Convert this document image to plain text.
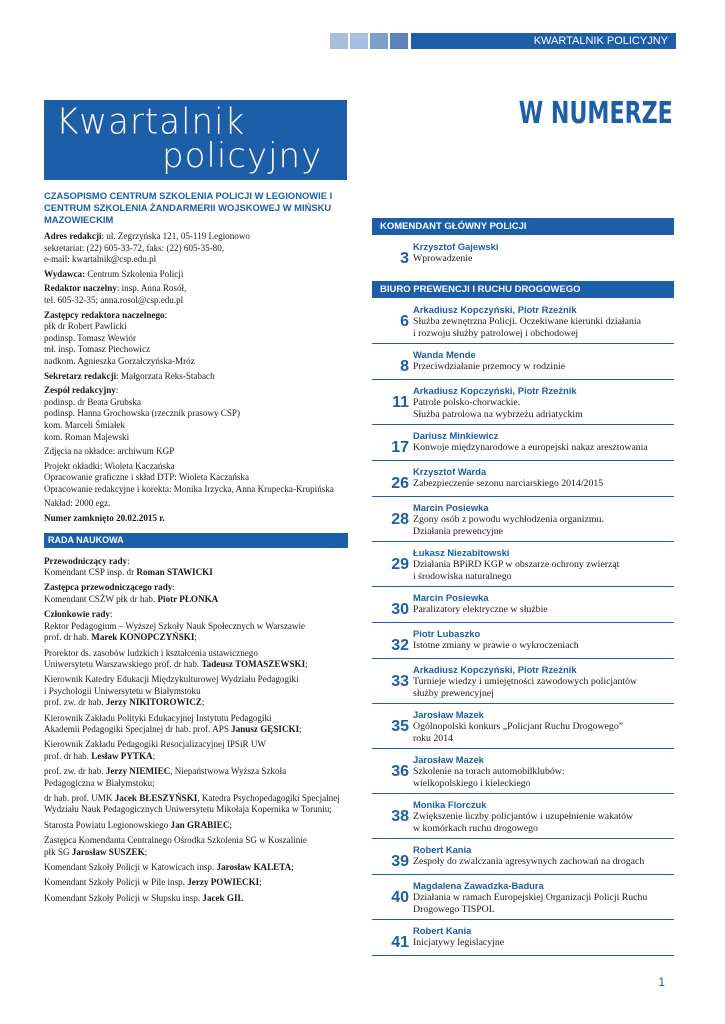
KWARTALNIK POLICYJNY
Kwartalnik
policyjny
W NUMERZE
CZASOPISMO CENTRUM SZKOLENIA POLICJI W LEGIONOWIE I CENTRUM SZKOLENIA ŻANDARMERII WOJSKOWEJ W MIŃSKU MAZOWIECKIM

Adres redakcji: ul. Zegrzyńska 121, 05-119 Legionowo
sekretariat: (22) 605-33-72, faks: (22) 605-35-80,
e-mail: kwartalnik@csp.edu.pl

Wydawca: Centrum Szkolenia Policji

Redaktor naczelny: insp. Anna Rosół,
tel. 605-32-35; anna.rosol@csp.edu.pl

Zastępcy redaktora naczelnego:
płk dr Robert Pawlicki
podinsp. Tomasz Wewiór
mł. insp. Tomasz Piechowicz
nadkom. Agnieszka Gorzałczyńska-Mróz

Sekretarz redakcji: Małgorzata Reks-Stabach

Zespół redakcyjny:
podinsp. dr Beata Grubska
podinsp. Hanna Grochowska (rzecznik prasowy CSP)
kom. Marceli Śmiałek
kom. Roman Majewski

Zdjęcia na okładce: archiwum KGP

Projekt okładki: Wioleta Kaczańska
Opracowanie graficzne i skład DTP: Wioleta Kaczańska
Opracowanie redakcyjne i korekta: Monika Irzycka, Anna Krupecka-Krupińska

Nakład: 2000 egz.

Numer zamknięto 20.02.2015 r.

RADA NAUKOWA

Przewodniczący rady:
Komendant CSP insp. dr Roman STAWICKI

Zastępca przewodniczącego rady:
Komendant CSŻW płk dr hab. Piotr PŁONKA

Członkowie rady:
Rektor Pedagogium – Wyższej Szkoły Nauk Społecznych w Warszawie
prof. dr hab. Marek KONOPCZYŃSKI;

Prorektor ds. zasobów ludzkich i kształcenia ustawicznego
Uniwersytetu Warszawskiego prof. dr hab. Tadeusz TOMASZEWSKI;

Kierownik Katedry Edukacji Międzykulturowej Wydziału Pedagogiki
i Psychologii Uniwersytetu w Białymstoku
prof. zw. dr hab. Jerzy NIKITOROWICZ;

Kierownik Zakładu Polityki Edukacyjnej Instytutu Pedagogiki
Akademii Pedagogiki Specjalnej dr hab. prof. APS Janusz GĘSICKI;

Kierownik Zakładu Pedagogiki Resocjalizacyjnej IPSiR UW
prof. dr hab. Lesław PYTKA;

prof. zw. dr hab. Jerzy NIEMIEC, Niepaństwowa Wyższa Szkoła
Pedagogiczna w Białymstoku;

dr hab. prof. UMK Jacek BŁESZYŃSKI, Katedra Psychopedagogiki Specjalnej
Wydziału Nauk Pedagogicznych Uniwersytetu Mikołaja Kopernika w Toruniu;

Starosta Powiatu Legionowskiego Jan GRABIEC;

Zastępca Komendanta Centralnego Ośrodka Szkolenia SG w Koszalinie
płk SG Jarosław SUSZEK;

Komendant Szkoły Policji w Katowicach insp. Jarosław KALETA;

Komendant Szkoły Policji w Pile insp. Jerzy POWIECKI;

Komendant Szkoły Policji w Słupsku insp. Jacek GIL

KOMENDANT GŁÓWNY POLICJI
3
Krzysztof Gajewski
Wprowadzenie
BIURO PREWENCJI I RUCHU DROGOWEGO
6
Arkadiusz Kopczyński, Piotr Rzeźnik
Służba zewnętrzna Policji. Oczekiwane kierunki działania
i rozwoju służby patrolowej i obchodowej
8
Wanda Mende
Przeciwdziałanie przemocy w rodzinie
11
Arkadiusz Kopczyński, Piotr Rzeźnik
Patrole polsko-chorwackie.
Służba patrolowa na wybrzeżu adriatyckim
17
Dariusz Minkiewicz
Konwoje międzynarodowe a europejski nakaz aresztowania
26
Krzysztof Warda
Zabezpieczenie sezonu narciarskiego 2014/2015
28
Marcin Posiewka
Zgony osób z powodu wychłodzenia organizmu.
Działania prewencyjne
29
Łukasz Niezabitowski
Działania BPiRD KGP w obszarze ochrony zwierząt
i środowiska naturalnego
30
Marcin Posiewka
Paralizatory elektryczne w służbie
32
Piotr Lubaszko
Istotne zmiany w prawie o wykroczeniach
33
Arkadiusz Kopczyński, Piotr Rzeźnik
Turnieje wiedzy i umiejętności zawodowych policjantów
służby prewencyjnej
35
Jarosław Mazek
Ogólnopolski konkurs „Policjant Ruchu Drogowego”
roku 2014
36
Jarosław Mazek
Szkolenie na torach automobilklubów:
wielkopolskiego i kieleckiego
38
Monika Florczuk
Zwiększenie liczby policjantów i uzupełnienie wakatów
w komórkach ruchu drogowego
39
Robert Kania
Zespoły do zwalczania agresywnych zachowań na drogach
40
Magdalena Zawadzka-Badura
Działania w ramach Europejskiej Organizacji Policji Ruchu
Drogowego TISPOL
41
Robert Kania
Inicjatywy legislacyjne
1
